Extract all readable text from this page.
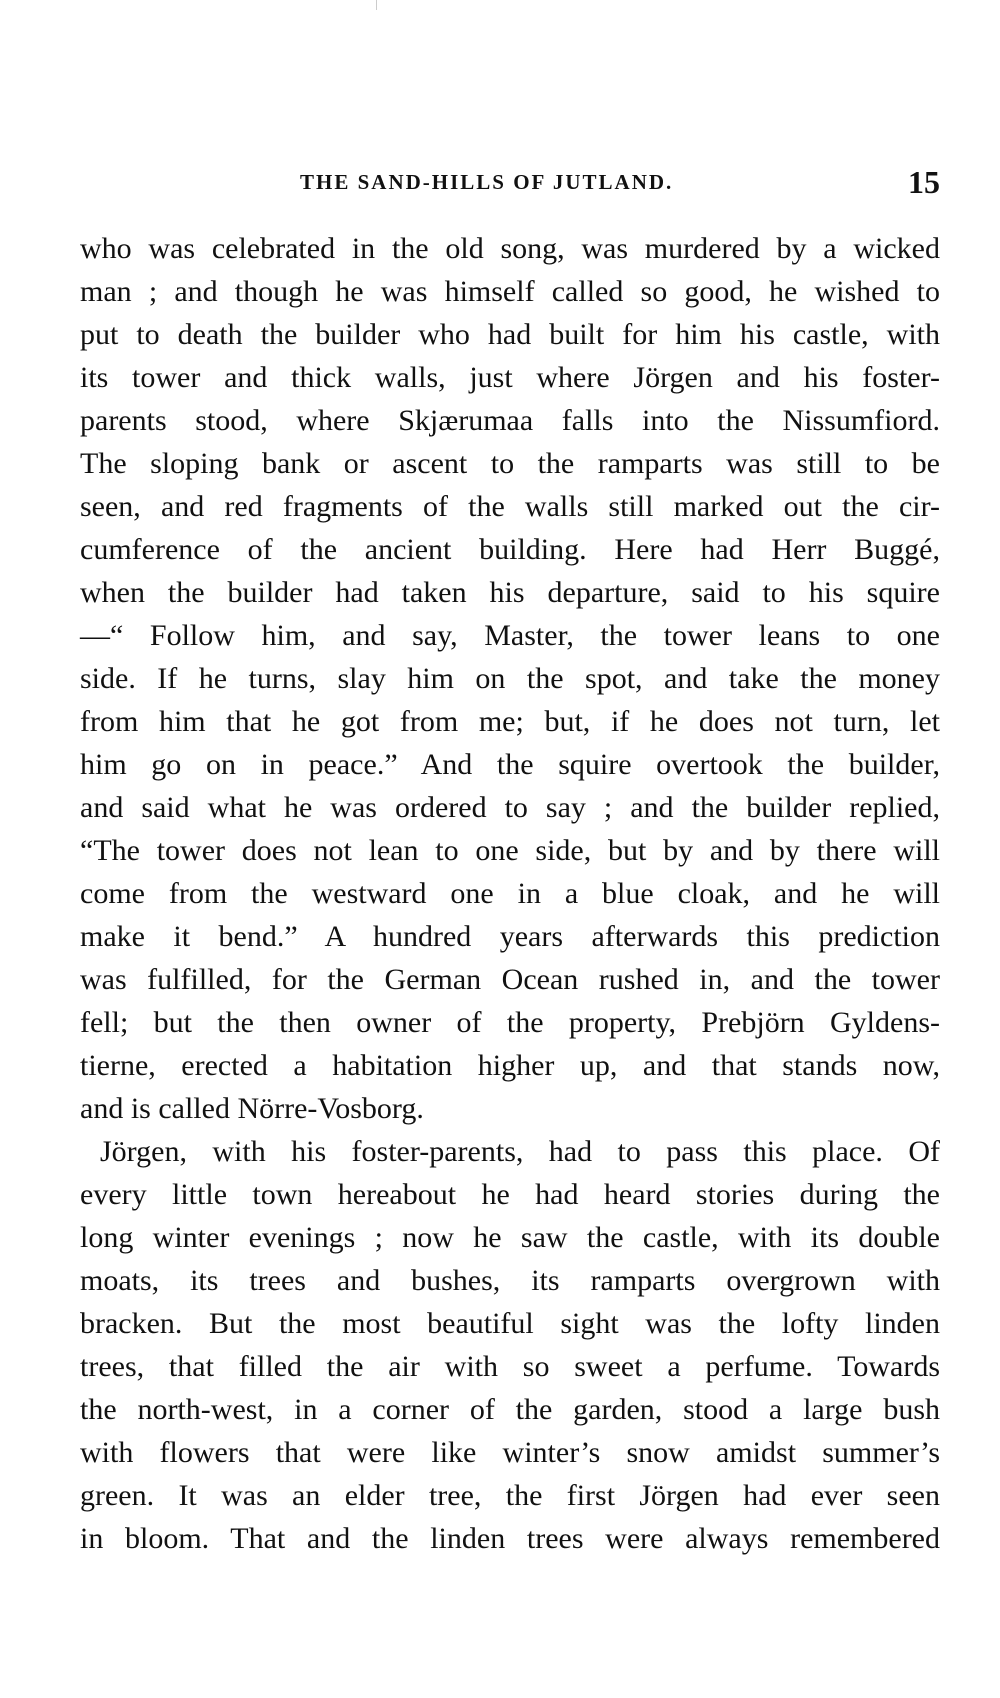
THE SAND-HILLS OF JUTLAND.	15
who was celebrated in the old song, was murdered by a wicked
man ; and though he was himself called so good, he wished to
put to death the builder who had built for him his castle, with
its tower and thick walls, just where Jörgen and his foster-
parents stood, where Skjærumaa falls into the Nissumfiord.
The sloping bank or ascent to the ramparts was still to be
seen, and red fragments of the walls still marked out the cir-
cumference of the ancient building. Here had Herr Buggé,
when the builder had taken his departure, said to his squire
—“ Follow him, and say, Master, the tower leans to one
side. If he turns, slay him on the spot, and take the money
from him that he got from me; but, if he does not turn, let
him go on in peace.” And the squire overtook the builder,
and said what he was ordered to say ; and the builder replied,
“The tower does not lean to one side, but by and by there will
come from the westward one in a blue cloak, and he will
make it bend.” A hundred years afterwards this prediction
was fulfilled, for the German Ocean rushed in, and the tower
fell; but the then owner of the property, Prebjörn Gyldens-
tierne, erected a habitation higher up, and that stands now,
and is called Nörre-Vosborg.
Jörgen, with his foster-parents, had to pass this place. Of
every little town hereabout he had heard stories during the
long winter evenings ; now he saw the castle, with its double
moats, its trees and bushes, its ramparts overgrown with
bracken. But the most beautiful sight was the lofty linden
trees, that filled the air with so sweet a perfume. Towards
the north-west, in a corner of the garden, stood a large bush
with flowers that were like winter’s snow amidst summer’s
green. It was an elder tree, the first Jörgen had ever seen
in bloom. That and the linden trees were always remembered
